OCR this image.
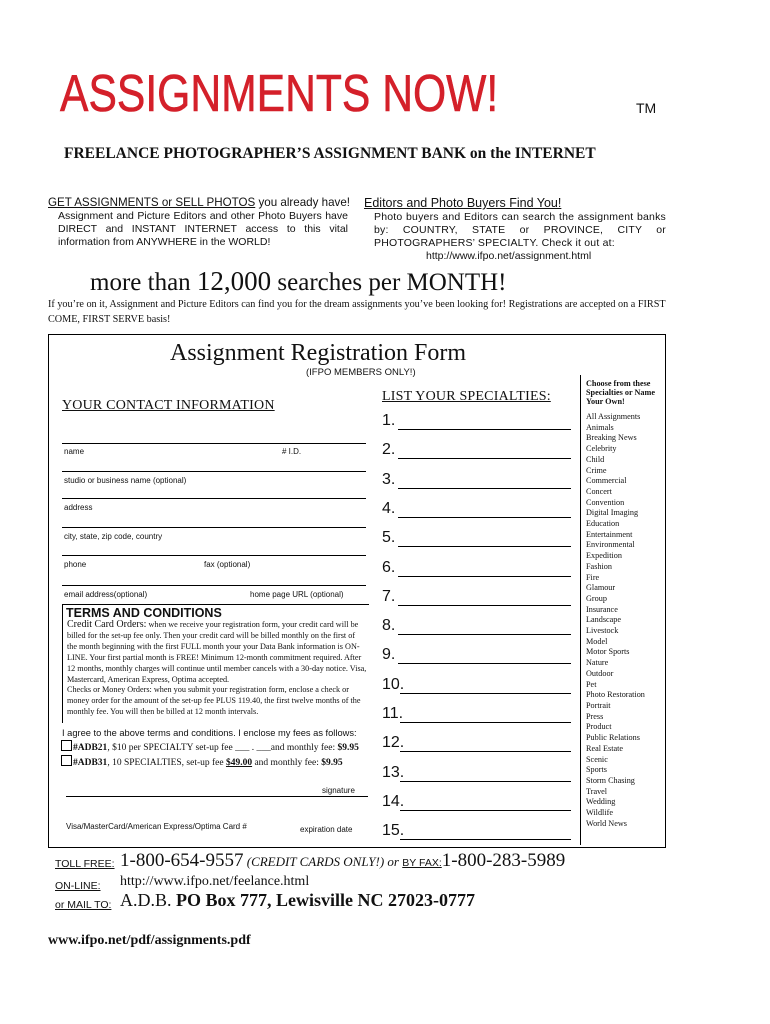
ASSIGNMENTS NOW!	TM
FREELANCE PHOTOGRAPHER’S ASSIGNMENT BANK on the INTERNET
GET ASSIGNMENTS or SELL PHOTOS you already have!
Assignment and Picture Editors and other Photo Buyers have DIRECT and INSTANT INTERNET access to this vital information from ANYWHERE in the WORLD!
Editors and Photo Buyers Find You!
Photo buyers and Editors can search the assignment banks by: COUNTRY, STATE or PROVINCE, CITY or PHOTOGRAPHERS’ SPECIALTY. Check it out at:
http://www.ifpo.net/assignment.html
more than 12,000 searches per MONTH!
If you’re on it, Assignment and Picture Editors can find you for the dream assignments you’ve been looking for! Registrations are accepted on a FIRST COME, FIRST SERVE basis!
Assignment Registration Form
(IFPO MEMBERS ONLY!)
YOUR CONTACT INFORMATION
name	# I.D.
studio or business name (optional)
address
city, state, zip code, country
phone	fax (optional)
email address(optional)	home page URL (optional)
TERMS AND CONDITIONS
Credit Card Orders: when we receive your registration form, your credit card will be billed for the set-up fee only. Then your credit card will be billed monthly on the first of the month beginning with the first FULL month your your Data Bank information is ON-LINE. Your first partial month is FREE! Minimum 12-month commitment required. After 12 months, monthly charges will continue until member cancels with a 30-day notice. Visa, Mastercard, American Express, Optima accepted.
Checks or Money Orders: when you submit your registration form, enclose a check or money order for the amount of the set-up fee PLUS 119.40, the first twelve months of the monthly fee. You will then be billed at 12 month intervals.
I agree to the above terms and conditions. I enclose my fees as follows:
#ADB21, $10 per SPECIALTY set-up fee ___ . ___and monthly fee: $9.95
#ADB31, 10 SPECIALTIES, set-up fee $49.00 and monthly fee: $9.95
signature
Visa/MasterCard/American Express/Optima Card #	expiration date
LIST YOUR SPECIALTIES:
1.
2.
3.
4.
5.
6.
7.
8.
9.
10.
11.
12.
13.
14.
15.
Choose from these Specialties or Name Your Own!
All Assignments
Animals
Breaking News
Celebrity
Child
Crime
Commercial
Concert
Convention
Digital Imaging
Education
Entertainment
Environmental
Expedition
Fashion
Fire
Glamour
Group
Insurance
Landscape
Livestock
Model
Motor Sports
Nature
Outdoor
Pet
Photo Restoration
Portrait
Press
Product
Public Relations
Real Estate
Scenic
Sports
Storm Chasing
Travel
Wedding
Wildlife
World News
TOLL FREE: 1-800-654-9557 (CREDIT CARDS ONLY!) or BY FAX:1-800-283-5989
ON-LINE: http://www.ifpo.net/feelance.html
or MAIL TO: A.D.B. PO Box 777, Lewisville NC 27023-0777
www.ifpo.net/pdf/assignments.pdf
